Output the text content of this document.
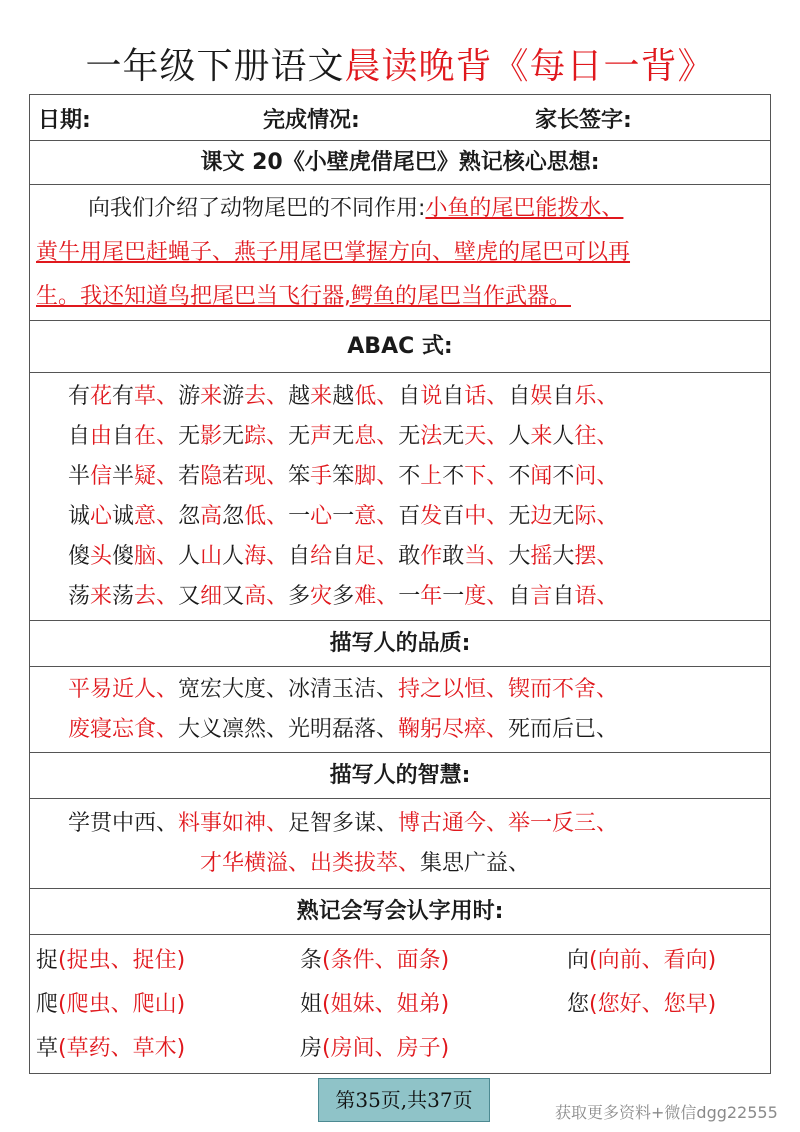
一年级下册语文晨读晚背《每日一背》
日期:	完成情况:	家长签字:
课文 20《小壁虎借尾巴》熟记核心思想:
向我们介绍了动物尾巴的不同作用:小鱼的尾巴能拨水、
黄牛用尾巴赶蝇子、燕子用尾巴掌握方向、壁虎的尾巴可以再
生。我还知道鸟把尾巴当飞行器,鳄鱼的尾巴当作武器。
ABAC 式:
有花有草、游来游去、越来越低、自说自话、自娱自乐、
自由自在、无影无踪、无声无息、无法无天、人来人往、
半信半疑、若隐若现、笨手笨脚、不上不下、不闻不问、
诚心诚意、忽高忽低、一心一意、百发百中、无边无际、
傻头傻脑、人山人海、自给自足、敢作敢当、大摇大摆、
荡来荡去、又细又高、多灾多难、一年一度、自言自语、
描写人的品质:
平易近人、宽宏大度、冰清玉洁、持之以恒、锲而不舍、
废寝忘食、大义凛然、光明磊落、鞠躬尽瘁、死而后已、
描写人的智慧:
学贯中西、料事如神、足智多谋、博古通今、举一反三、
才华横溢、出类拔萃、集思广益、
熟记会写会认字用时:
捉(捉虫、捉住)	条(条件、面条)	向(向前、看向)
爬(爬虫、爬山)	姐(姐妹、姐弟)	您(您好、您早)
草(草药、草木)	房(房间、房子)
第35页,共37页
获取更多资料+微信dgg22555
